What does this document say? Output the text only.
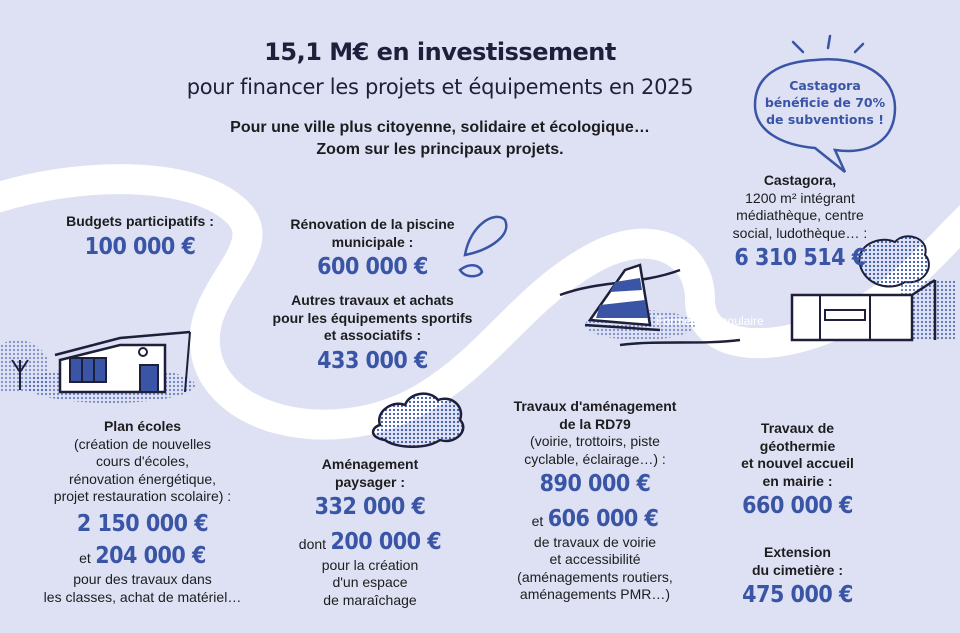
15,1 M€ en investissement
pour financer les projets et équipements en 2025
Pour une ville plus citoyenne, solidaire et écologique…
Zoom sur les principaux projets.
Castagora
bénéficie de 70%
de subventions !
Budgets participatifs :
100 000 €
Rénovation de la piscine
municipale :
600 000 €
Autres travaux et achats
pour les équipements sportifs
et associatifs :
433 000 €
Castagora,
1200 m² intégrant
médiathèque, centre
social, ludothèque… :
6 310 514 €
Forme rectangulaire
Plan écoles
(création de nouvelles
cours d'écoles,
rénovation énergétique,
projet restauration scolaire) :
2 150 000 €
et 204 000 €
pour des travaux dans
les classes, achat de matériel…
Aménagement
paysager :
332 000 €
dont 200 000 €
pour la création
d'un espace
de maraîchage
Travaux d'aménagement
de la RD79
(voirie, trottoirs, piste
cyclable, éclairage…) :
890 000 €
et 606 000 €
de travaux de voirie
et accessibilité
(aménagements routiers,
aménagements PMR…)
Travaux de
géothermie
et nouvel accueil
en mairie :
660 000 €
Extension
du cimetière :
475 000 €
